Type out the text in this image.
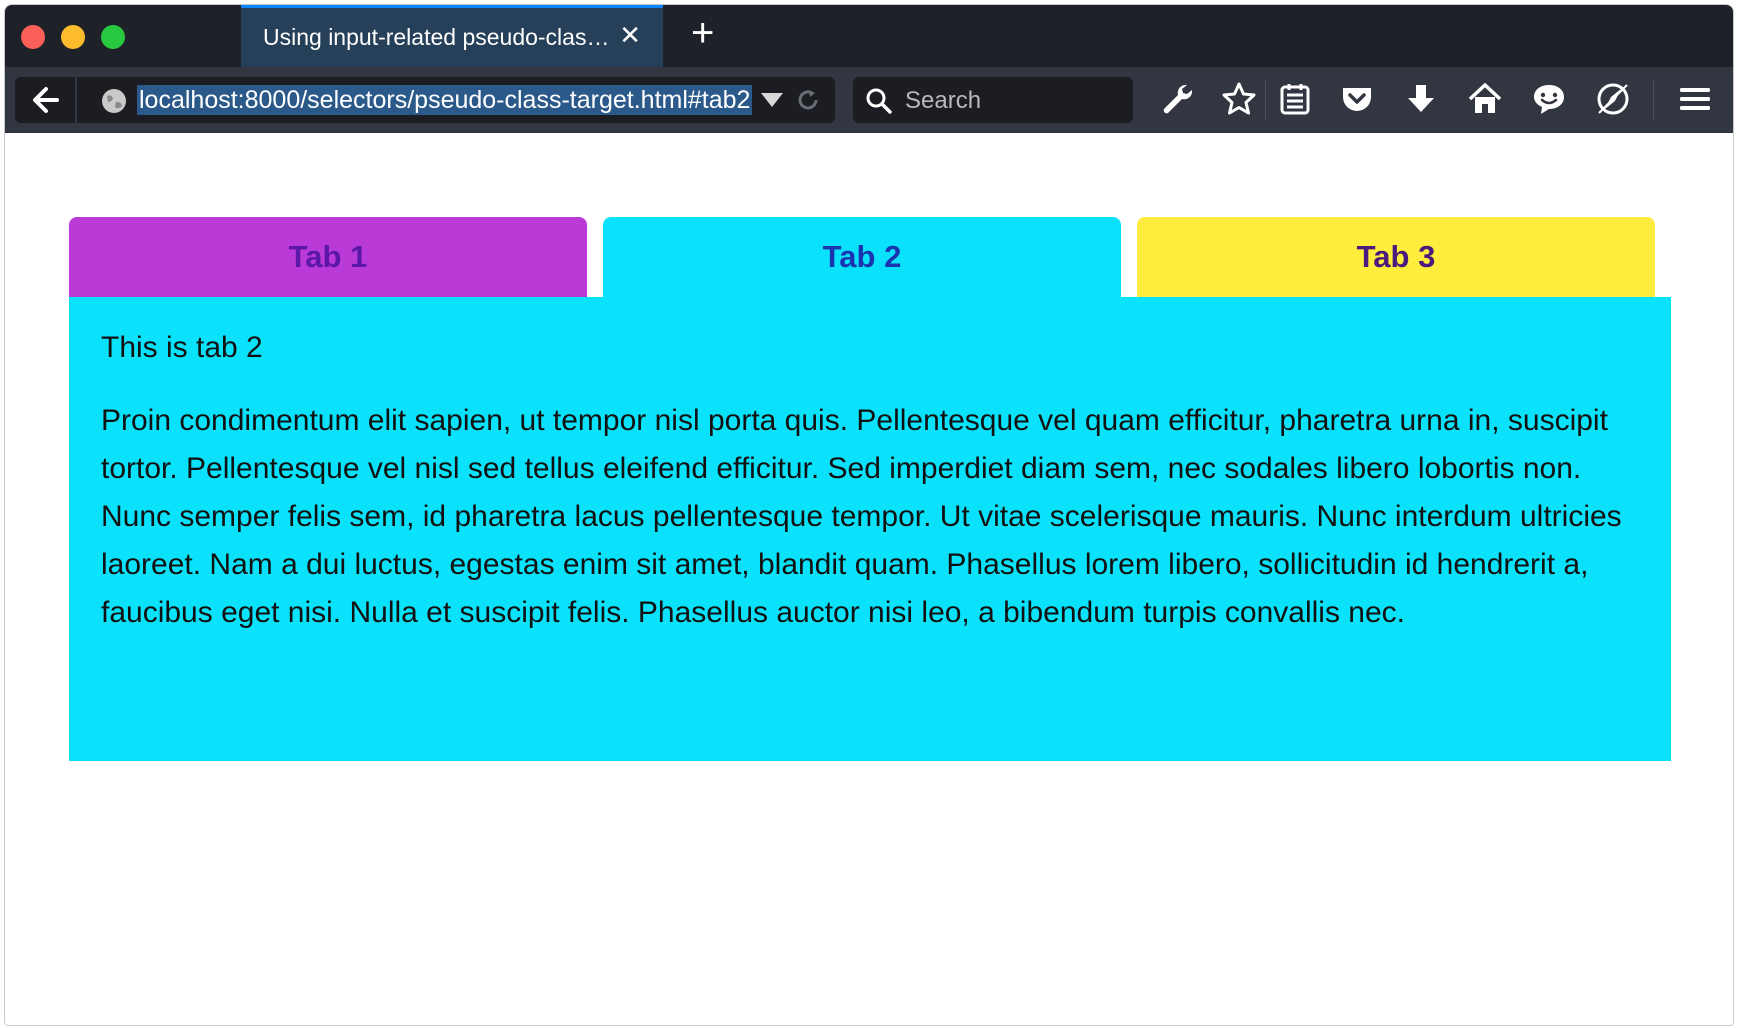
Using input-related pseudo-clas… ✕ +
localhost:8000/selectors/pseudo-class-target.html#tab2
Search
Tab 1	Tab 2	Tab 3

This is tab 2

Proin condimentum elit sapien, ut tempor nisl porta quis. Pellentesque vel quam efficitur, pharetra urna in, suscipit tortor. Pellentesque vel nisl sed tellus eleifend efficitur. Sed imperdiet diam sem, nec sodales libero lobortis non. Nunc semper felis sem, id pharetra lacus pellentesque tempor. Ut vitae scelerisque mauris. Nunc interdum ultricies laoreet. Nam a dui luctus, egestas enim sit amet, blandit quam. Phasellus lorem libero, sollicitudin id hendrerit a, faucibus eget nisi. Nulla et suscipit felis. Phasellus auctor nisi leo, a bibendum turpis convallis nec.
